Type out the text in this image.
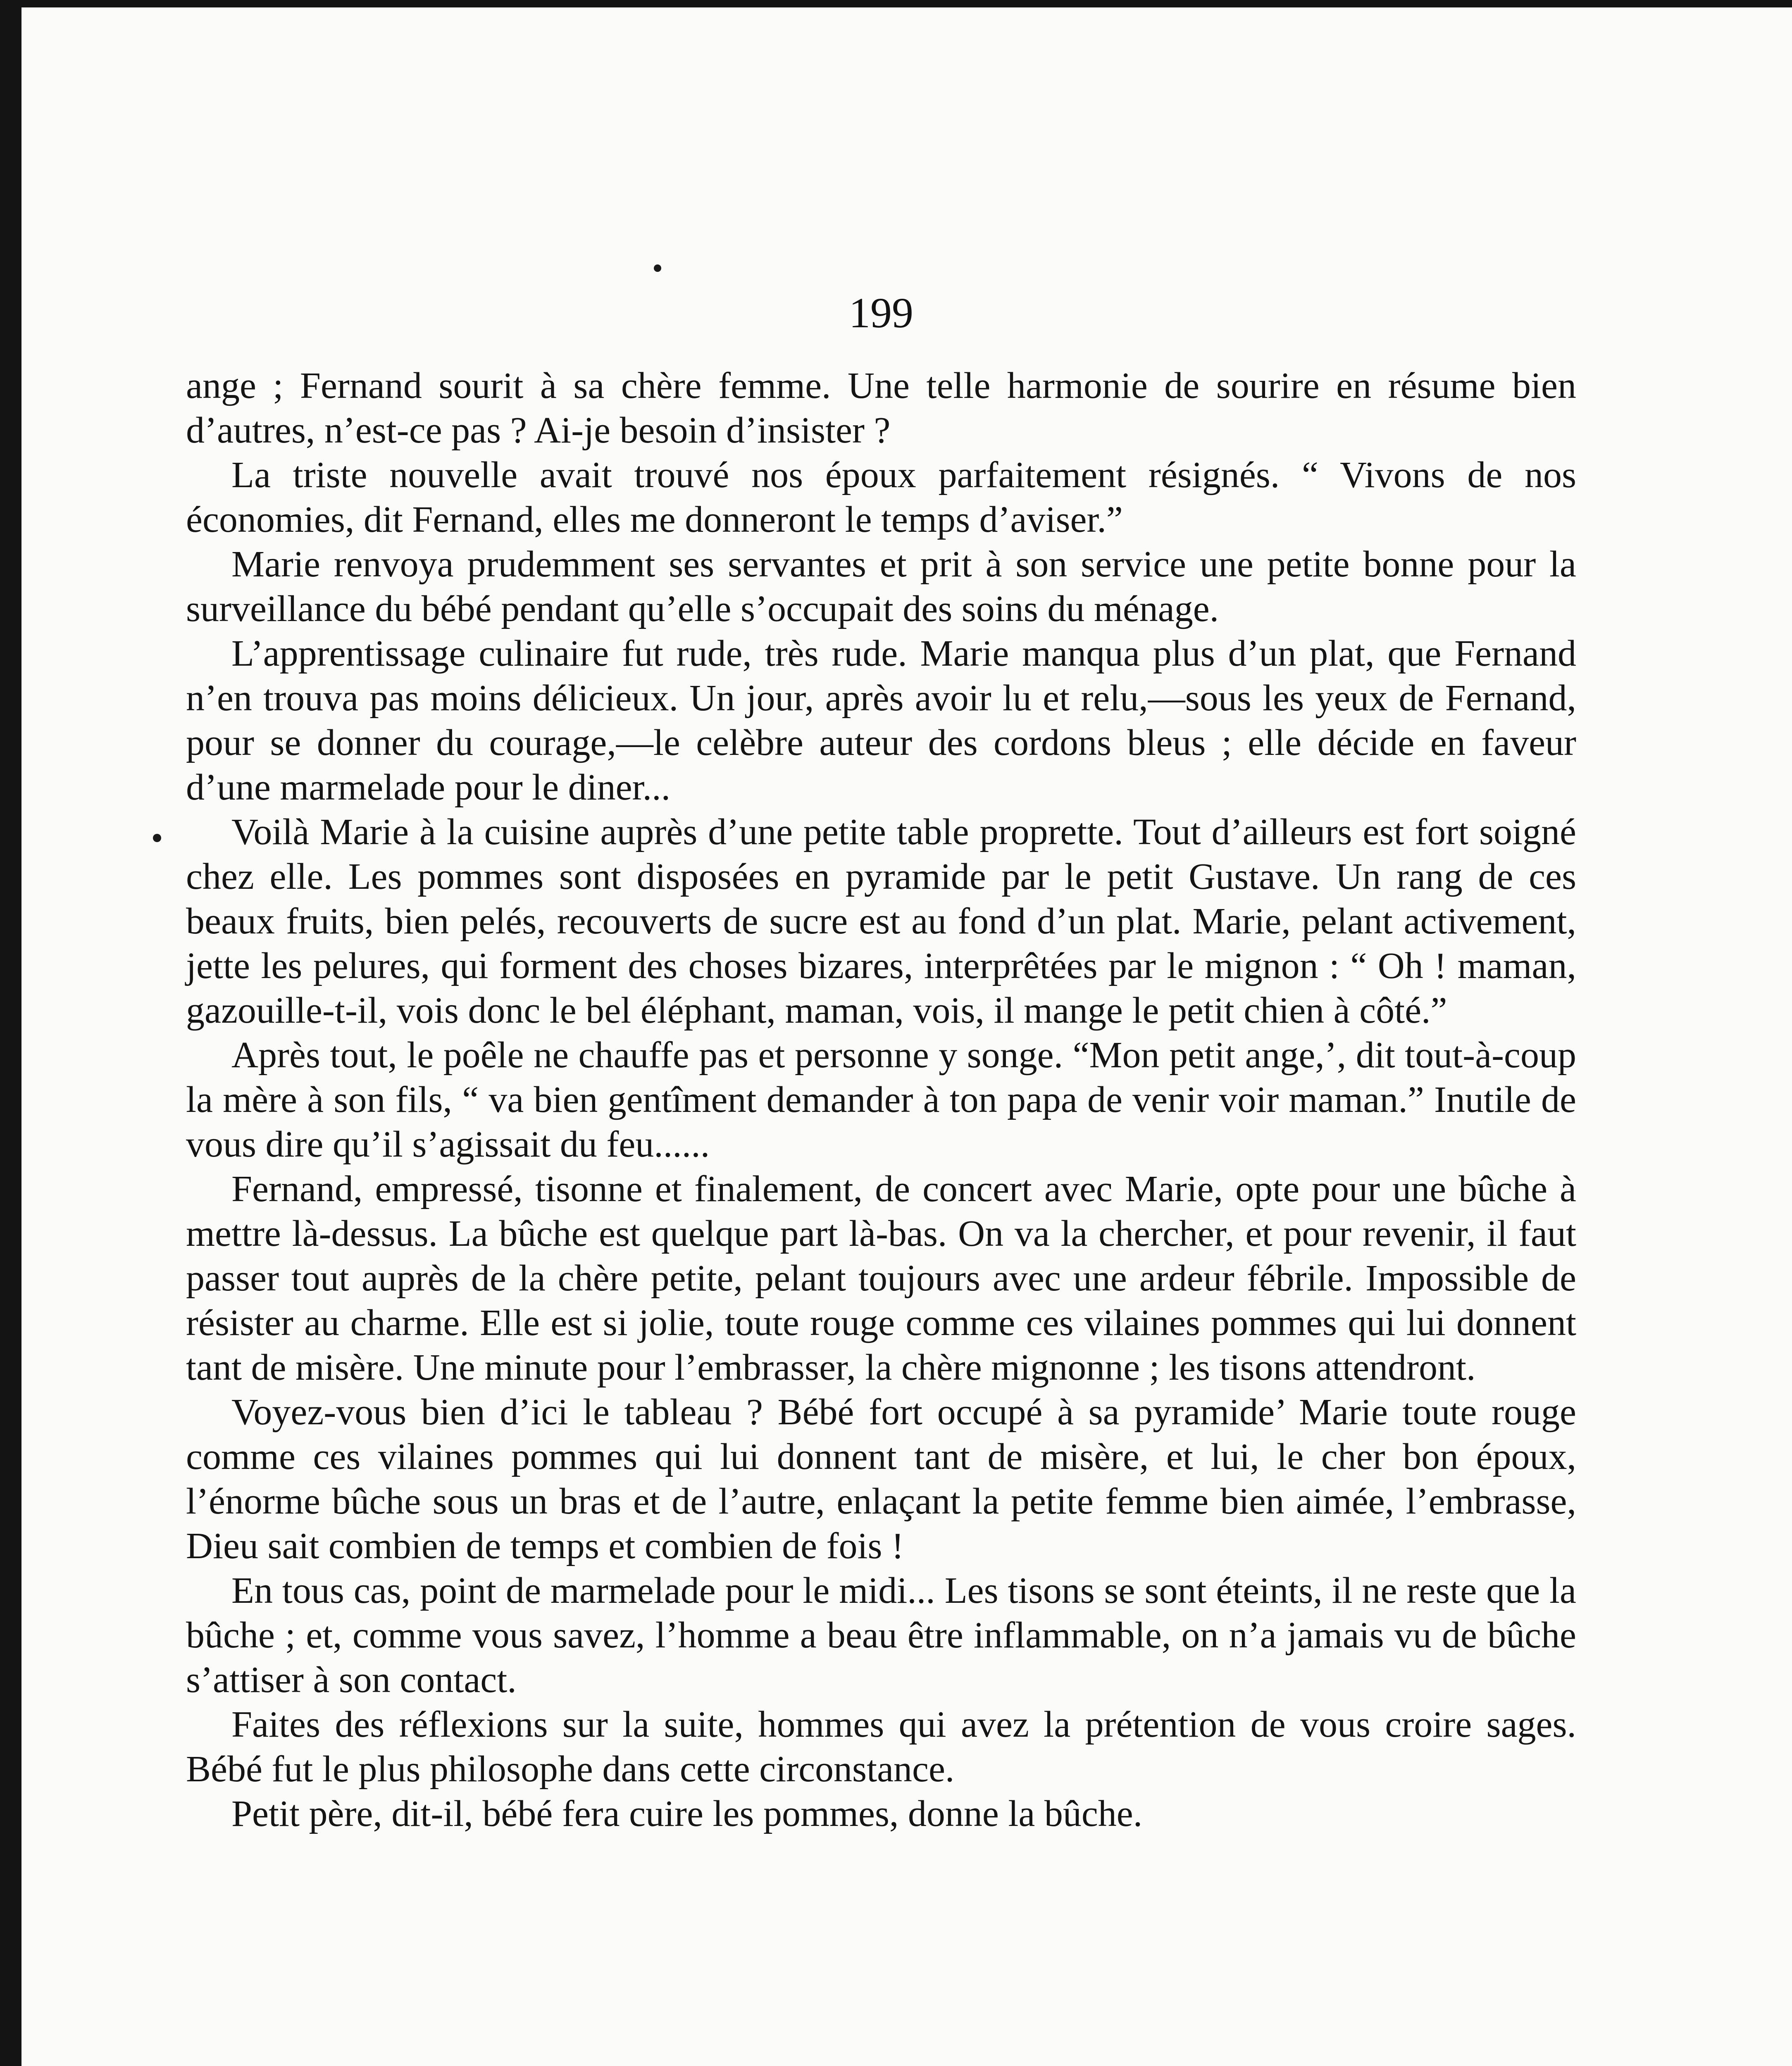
199

ange ; Fernand sourit à sa chère femme. Une telle harmonie de sourire en résume bien d’autres, n’est-ce pas ? Ai-je besoin d’insister ?

La triste nouvelle avait trouvé nos époux parfaitement résignés. “ Vivons de nos économies, dit Fernand, elles me donneront le temps d’aviser.”

Marie renvoya prudemment ses servantes et prit à son service une petite bonne pour la surveillance du bébé pendant qu’elle s’occupait des soins du ménage.

L’apprentissage culinaire fut rude, très rude. Marie manqua plus d’un plat, que Fernand n’en trouva pas moins délicieux. Un jour, après avoir lu et relu,—sous les yeux de Fernand, pour se donner du courage,—le celèbre auteur des cordons bleus ; elle décide en faveur d’une marmelade pour le diner...

Voilà Marie à la cuisine auprès d’une petite table proprette. Tout d’ailleurs est fort soigné chez elle. Les pommes sont disposées en pyramide par le petit Gustave. Un rang de ces beaux fruits, bien pelés, recouverts de sucre est au fond d’un plat. Marie, pelant activement, jette les pelures, qui forment des choses bizares, interprêtées par le mignon : “ Oh ! maman, gazouille-t-il, vois donc le bel éléphant, maman, vois, il mange le petit chien à côté.”

Après tout, le poêle ne chauffe pas et personne y songe. “Mon petit ange,’, dit tout-à-coup la mère à son fils, “ va bien gentîment demander à ton papa de venir voir maman.” Inutile de vous dire qu’il s’agissait du feu......

Fernand, empressé, tisonne et finalement, de concert avec Marie, opte pour une bûche à mettre là-dessus. La bûche est quelque part là-bas. On va la chercher, et pour revenir, il faut passer tout auprès de la chère petite, pelant toujours avec une ardeur fébrile. Impossible de résister au charme. Elle est si jolie, toute rouge comme ces vilaines pommes qui lui donnent tant de misère. Une minute pour l’embrasser, la chère mignonne ; les tisons attendront.

Voyez-vous bien d’ici le tableau ? Bébé fort occupé à sa pyramide’ Marie toute rouge comme ces vilaines pommes qui lui donnent tant de misère, et lui, le cher bon époux, l’énorme bûche sous un bras et de l’autre, enlaçant la petite femme bien aimée, l’embrasse, Dieu sait combien de temps et combien de fois !

En tous cas, point de marmelade pour le midi... Les tisons se sont éteints, il ne reste que la bûche ; et, comme vous savez, l’homme a beau être inflammable, on n’a jamais vu de bûche s’attiser à son contact.

Faites des réflexions sur la suite, hommes qui avez la prétention de vous croire sages. Bébé fut le plus philosophe dans cette circonstance.

Petit père, dit-il, bébé fera cuire les pommes, donne la bûche.
